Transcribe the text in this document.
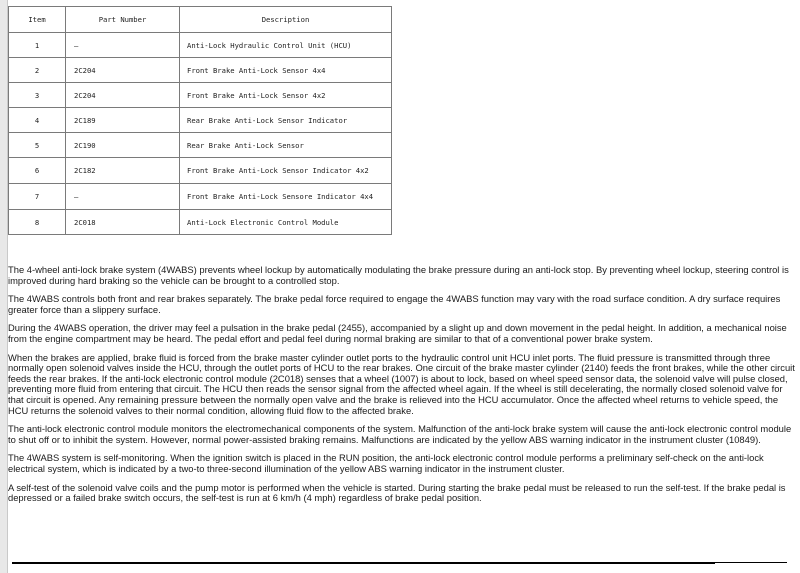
Item	Part Number	Description
1	—	Anti-Lock Hydraulic Control Unit (HCU)
2	2C204	Front Brake Anti-Lock Sensor 4x4
3	2C204	Front Brake Anti-Lock Sensor 4x2
4	2C189	Rear Brake Anti-Lock Sensor Indicator
5	2C190	Rear Brake Anti-Lock Sensor
6	2C182	Front Brake Anti-Lock Sensor Indicator 4x2
7	—	Front Brake Anti-Lock Sensore Indicator 4x4
8	2C018	Anti-Lock Electronic Control Module

The 4-wheel anti-lock brake system (4WABS) prevents wheel lockup by automatically modulating the brake pressure during an anti-lock stop. By preventing wheel lockup, steering control is improved during hard braking so the vehicle can be brought to a controlled stop.

The 4WABS controls both front and rear brakes separately. The brake pedal force required to engage the 4WABS function may vary with the road surface condition. A dry surface requires greater force than a slippery surface.

During the 4WABS operation, the driver may feel a pulsation in the brake pedal (2455), accompanied by a slight up and down movement in the pedal height. In addition, a mechanical noise from the engine compartment may be heard. The pedal effort and pedal feel during normal braking are similar to that of a conventional power brake system.

When the brakes are applied, brake fluid is forced from the brake master cylinder outlet ports to the hydraulic control unit HCU inlet ports. The fluid pressure is transmitted through three normally open solenoid valves inside the HCU, through the outlet ports of HCU to the rear brakes. One circuit of the brake master cylinder (2140) feeds the front brakes, while the other circuit feeds the rear brakes. If the anti-lock electronic control module (2C018) senses that a wheel (1007) is about to lock, based on wheel speed sensor data, the solenoid valve will pulse closed, preventing more fluid from entering that circuit. The HCU then reads the sensor signal from the affected wheel again. If the wheel is still decelerating, the normally closed solenoid valve for that circuit is opened. Any remaining pressure between the normally open valve and the brake is relieved into the HCU accumulator. Once the affected wheel returns to vehicle speed, the HCU returns the solenoid valves to their normal condition, allowing fluid flow to the affected brake.

The anti-lock electronic control module monitors the electromechanical components of the system. Malfunction of the anti-lock brake system will cause the anti-lock electronic control module to shut off or to inhibit the system. However, normal power-assisted braking remains. Malfunctions are indicated by the yellow ABS warning indicator in the instrument cluster (10849).

The 4WABS system is self-monitoring. When the ignition switch is placed in the RUN position, the anti-lock electronic control module performs a preliminary self-check on the anti-lock electrical system, which is indicated by a two-to three-second illumination of the yellow ABS warning indicator in the instrument cluster.

A self-test of the solenoid valve coils and the pump motor is performed when the vehicle is started. During starting the brake pedal must be released to run the self-test. If the brake pedal is depressed or a failed brake switch occurs, the self-test is run at 6 km/h (4 mph) regardless of brake pedal position.
